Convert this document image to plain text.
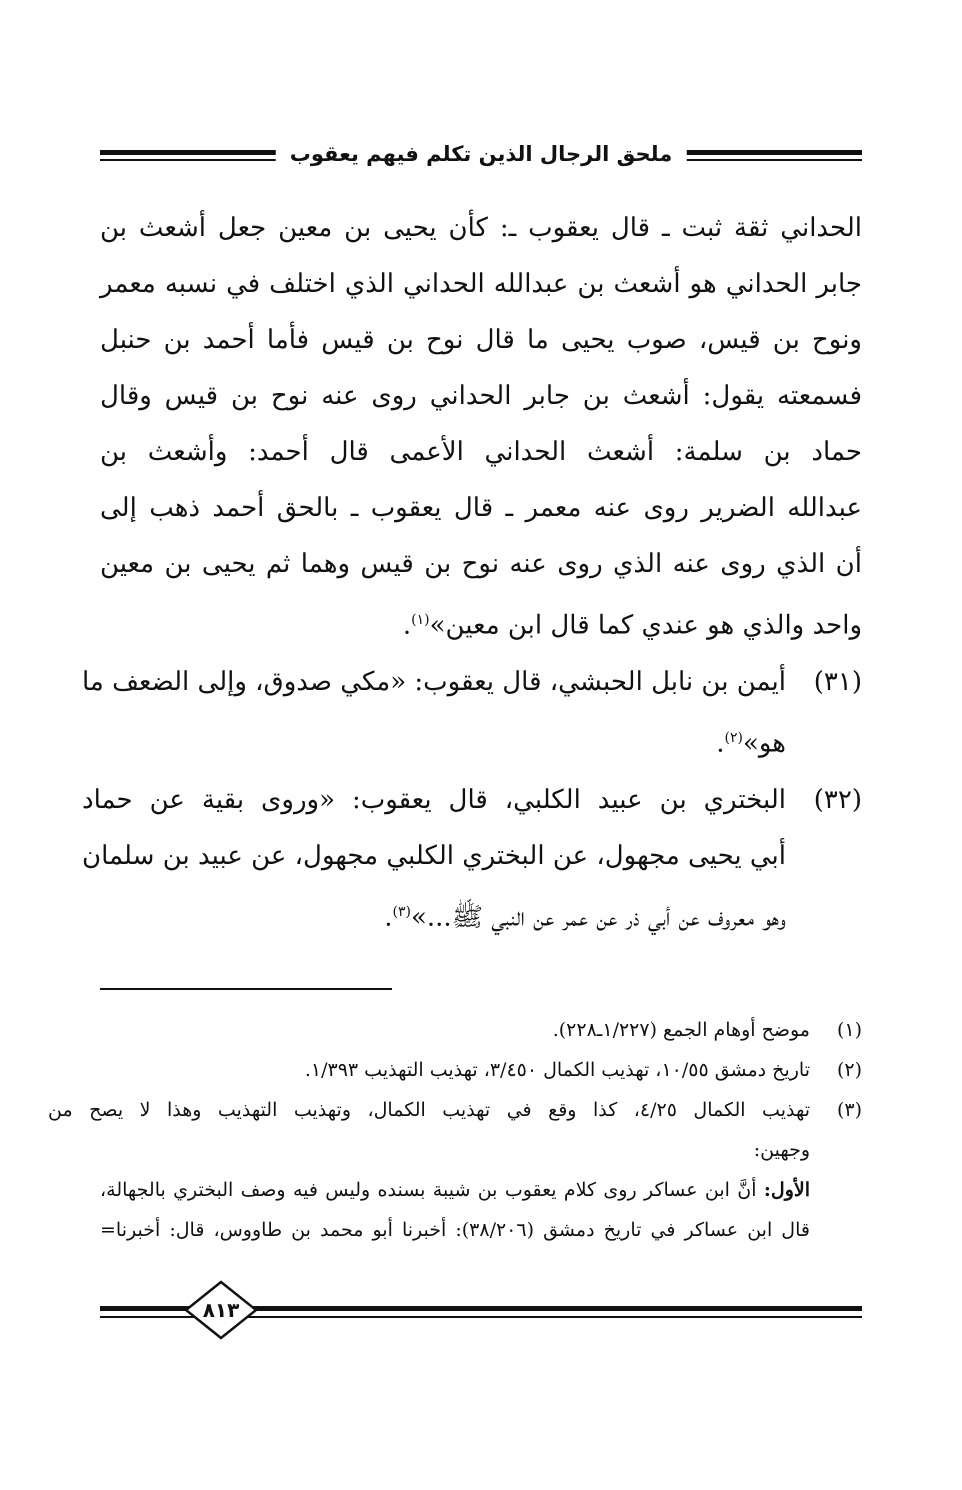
ملحق الرجال الذين تكلم فيهم يعقوب
الحداني ثقة ثبت ـ قال يعقوب ـ: كأن يحيى بن معين جعل أشعث بن
جابر الحداني هو أشعث بن عبدالله الحداني الذي اختلف في نسبه معمر
ونوح بن قيس، صوب يحيى ما قال نوح بن قيس فأما أحمد بن حنبل
فسمعته يقول: أشعث بن جابر الحداني روى عنه نوح بن قيس وقال
حماد بن سلمة: أشعث الحداني الأعمى قال أحمد: وأشعث بن
عبدالله الضرير روى عنه معمر ـ قال يعقوب ـ بالحق أحمد ذهب إلى
أن الذي روى عنه الذي روى عنه نوح بن قيس وهما ثم يحيى بن معين
واحد والذي هو عندي كما قال ابن معين»$^{(١)}$.
(٣١)
أيمن بن نابل الحبشي، قال يعقوب: «مكي صدوق، وإلى الضعف ما
هو»$^{(٢)}$.
(٣٢)
البختري بن عبيد الكلبي، قال يعقوب: «وروى بقية عن حماد
أبي يحيى مجهول، عن البختري الكلبي مجهول، عن عبيد بن سلمان
وهو معروف عن أبي ذر عن عمر عن النبي ﷺ...»$^{(٣)}$.
(١)
موضح أوهام الجمع (١/٢٢٧ـ٢٢٨).
(٢)
تاريخ دمشق ١٠/٥٥، تهذيب الكمال ٣/٤٥٠، تهذيب التهذيب ١/٣٩٣.
(٣)
تهذيب الكمال ٤/٢٥، كذا وقع في تهذيب الكمال، وتهذيب التهذيب وهذا لا يصح من
وجهين:
الأول: أنَّ ابن عساكر روى كلام يعقوب بن شيبة بسنده وليس فيه وصف البختري بالجهالة،
قال ابن عساكر في تاريخ دمشق (٣٨/٢٠٦): أخبرنا أبو محمد بن طاووس، قال: أخبرنا=
٨١٣
